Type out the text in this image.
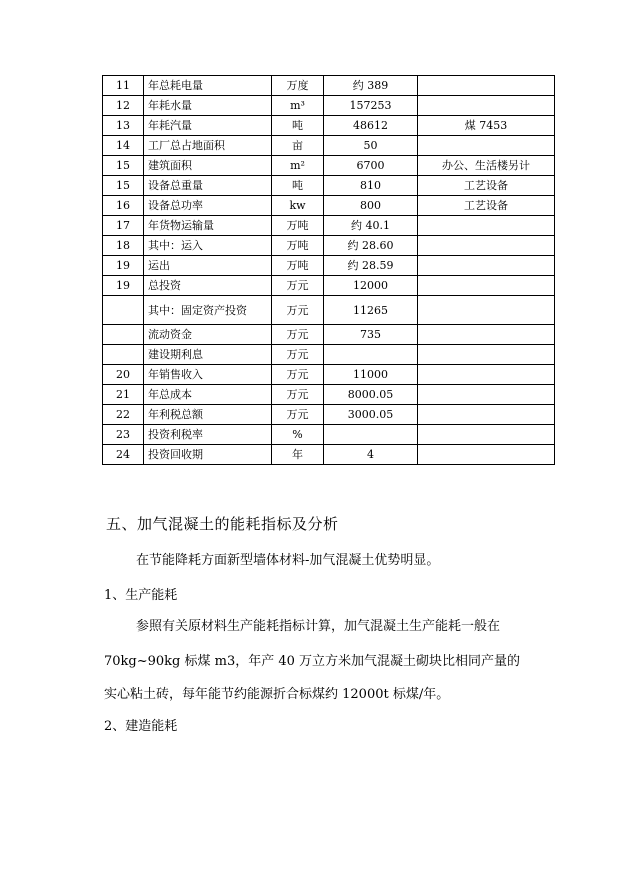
11	年总耗电量	万度	约 389	
12	年耗水量	m³	157253	
13	年耗汽量	吨	48612	煤 7453
14	工厂总占地面积	亩	50	
15	建筑面积	m²	6700	办公、生活楼另计
15	设备总重量	吨	810	工艺设备
16	设备总功率	kw	800	工艺设备
17	年货物运输量	万吨	约 40.1	
18	其中：运入	万吨	约 28.60	
19	运出	万吨	约 28.59	
19	总投资	万元	12000	
	其中：固定资产投资	万元	11265	
	流动资金	万元	735	
	建设期利息	万元		
20	年销售收入	万元	11000	
21	年总成本	万元	8000.05	
22	年利税总额	万元	3000.05	
23	投资利税率	%		
24	投资回收期	年	4	
五、加气混凝土的能耗指标及分析
在节能降耗方面新型墙体材料-加气混凝土优势明显。
1、生产能耗
参照有关原材料生产能耗指标计算，加气混凝土生产能耗一般在
70kg~90kg 标煤 m3，年产 40 万立方米加气混凝土砌块比相同产量的
实心粘土砖，每年能节约能源折合标煤约 12000t 标煤/年。
2、建造能耗
